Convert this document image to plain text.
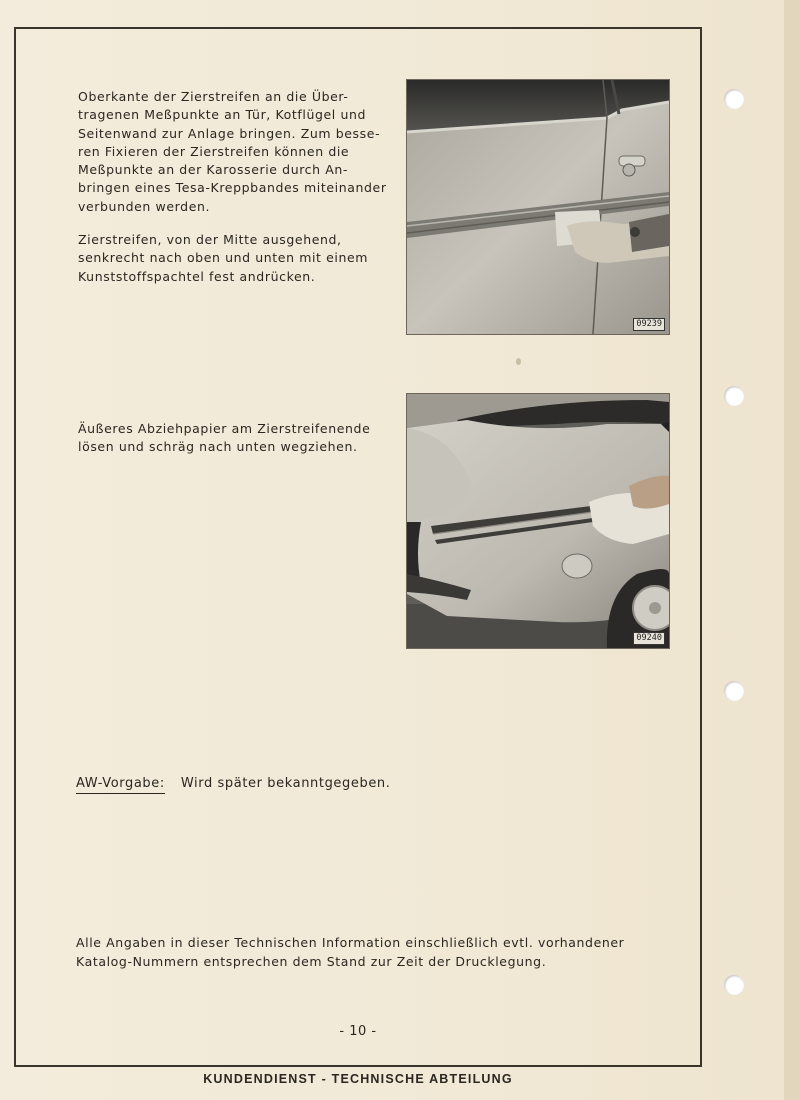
Oberkante der Zierstreifen an die Über-

tragenen Meßpunkte an Tür, Kotflügel und

Seitenwand zur Anlage bringen. Zum besse-

ren Fixieren der Zierstreifen können die

Meßpunkte an der Karosserie durch An-

bringen eines Tesa-Kreppbandes miteinander

verbunden werden.

Zierstreifen, von der Mitte ausgehend,

senkrecht nach oben und unten mit einem

Kunststoffspachtel fest andrücken.

09239

Äußeres Abziehpapier am Zierstreifenende

lösen und schräg nach unten wegziehen.

09240
AW-Vorgabe: Wird später bekanntgegeben.
Alle Angaben in dieser Technischen Information einschließlich evtl. vorhandener
Katalog-Nummern entsprechen dem Stand zur Zeit der Drucklegung.
- 10 -
KUNDENDIENST - TECHNISCHE ABTEILUNG
